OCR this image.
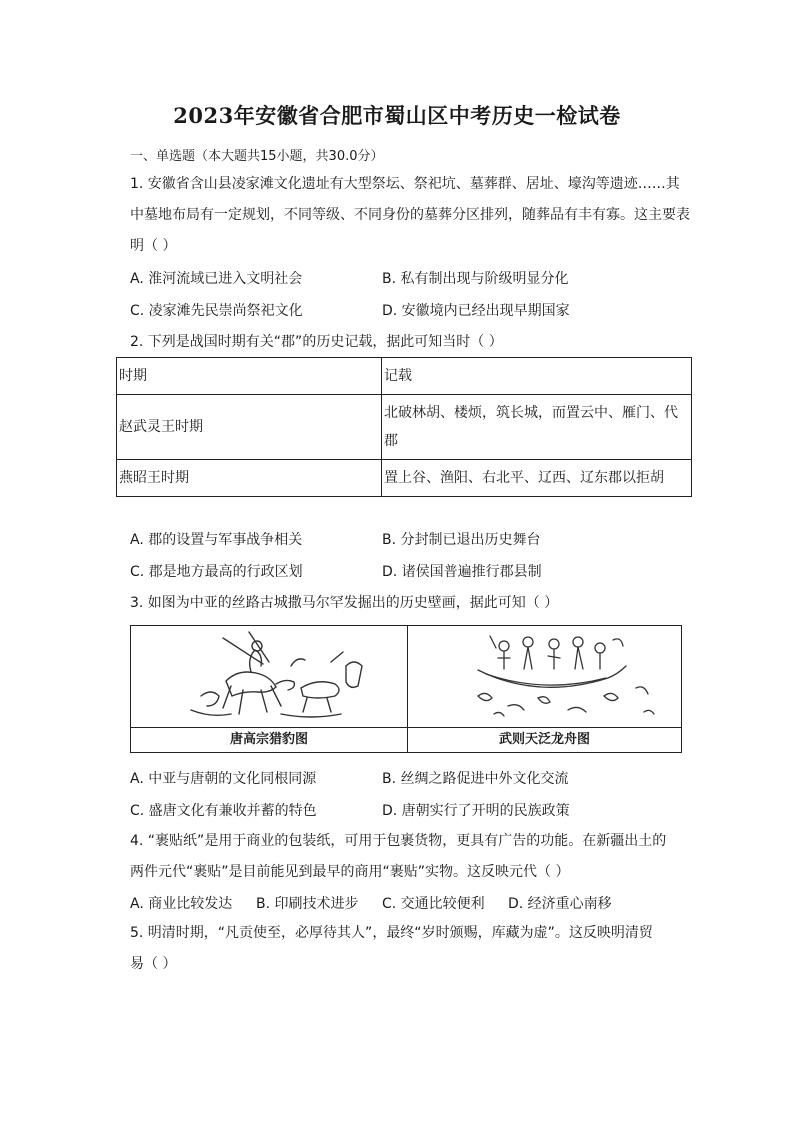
2023年安徽省合肥市蜀山区中考历史一检试卷
一、单选题（本大题共15小题，共30.0分）
1. 安徽省含山县凌家滩文化遗址有大型祭坛、祭祀坑、墓葬群、居址、壕沟等遗迹……其
中墓地布局有一定规划，不同等级、不同身份的墓葬分区排列，随葬品有丰有寡。这主要表
明（ ）
A. 淮河流域已进入文明社会	B. 私有制出现与阶级明显分化
C. 凌家滩先民崇尚祭祀文化	D. 安徽境内已经出现早期国家
2. 下列是战国时期有关“郡”的历史记载，据此可知当时（ ）
时期	记载
赵武灵王时期	北破林胡、楼烦，筑长城，而置云中、雁门、代郡
燕昭王时期	置上谷、渔阳、右北平、辽西、辽东郡以拒胡
A. 郡的设置与军事战争相关	B. 分封制已退出历史舞台
C. 郡是地方最高的行政区划	D. 诸侯国普遍推行郡县制
3. 如图为中亚的丝路古城撒马尔罕发掘出的历史壁画，据此可知（ ）
唐高宗猎豹图	武则天泛龙舟图
A. 中亚与唐朝的文化同根同源	B. 丝绸之路促进中外文化交流
C. 盛唐文化有兼收并蓄的特色	D. 唐朝实行了开明的民族政策
4. “裹贴纸”是用于商业的包装纸，可用于包裹货物，更具有广告的功能。在新疆出土的
两件元代“裹贴”是目前能见到最早的商用“裹贴”实物。这反映元代（ ）
A. 商业比较发达 B. 印刷技术进步 C. 交通比较便利 D. 经济重心南移
5. 明清时期，“凡贡使至，必厚待其人”，最终“岁时颁赐，库藏为虚”。这反映明清贸
易（ ）
